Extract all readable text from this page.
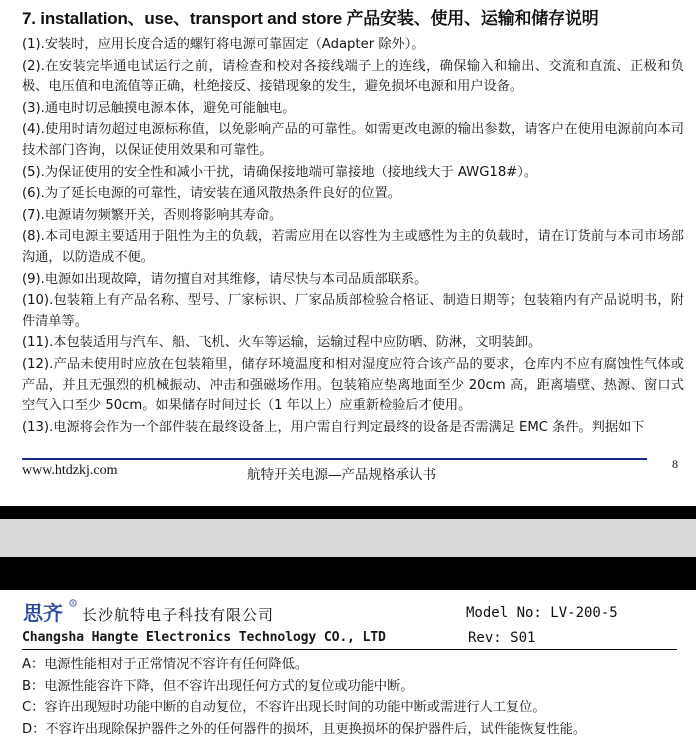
7. installation、use、transport and store 产品安装、使用、运输和储存说明

(1).安装时，应用长度合适的螺钉将电源可靠固定（Adapter 除外）。

(2).在安装完毕通电试运行之前，请检查和校对各接线端子上的连线，确保输入和输出、交流和直流、正极和负极、电压值和电流值等正确，杜绝接反、接错现象的发生，避免损坏电源和用户设备。

(3).通电时切忌触摸电源本体，避免可能触电。

(4).使用时请勿超过电源标称值，以免影响产品的可靠性。如需更改电源的输出参数，请客户在使用电源前向本司技术部门咨询，以保证使用效果和可靠性。

(5).为保证使用的安全性和减小干扰，请确保接地端可靠接地（接地线大于 AWG18#）。

(6).为了延长电源的可靠性，请安装在通风散热条件良好的位置。

(7).电源请勿频繁开关，否则将影响其寿命。

(8).本司电源主要适用于阻性为主的负载，若需应用在以容性为主或感性为主的负载时，请在订货前与本司市场部沟通，以防造成不便。

(9).电源如出现故障，请勿擅自对其维修，请尽快与本司品质部联系。

(10).包装箱上有产品名称、型号、厂家标识、厂家品质部检验合格证、制造日期等；包装箱内有产品说明书，附件清单等。

(11).本包装适用与汽车、船、飞机、火车等运输，运输过程中应防晒、防淋，文明装卸。

(12).产品未使用时应放在包装箱里，储存环境温度和相对湿度应符合该产品的要求，仓库内不应有腐蚀性气体或产品，并且无强烈的机械振动、冲击和强磁场作用。包装箱应垫离地面至少 20cm 高，距离墙壁、热源、窗口式空气入口至少 50cm。如果储存时间过长（1 年以上）应重新检验后才使用。

(13).电源将会作为一个部件装在最终设备上，用户需自行判定最终的设备是否需满足 EMC 条件。判据如下

www.htdzkj.com	航特开关电源—产品规格承认书
8
思齐 R
长沙航特电子科技有限公司	Model No: LV-200-5
Changsha Hangte Electronics Technology CO., LTD	Rev: S01

A：电源性能相对于正常情况不容许有任何降低。

B：电源性能容许下降，但不容许出现任何方式的复位或功能中断。

C：容许出现短时功能中断的自动复位，不容许出现长时间的功能中断或需进行人工复位。

D：不容许出现除保护器件之外的任何器件的损坏，且更换损坏的保护器件后，试件能恢复性能。
